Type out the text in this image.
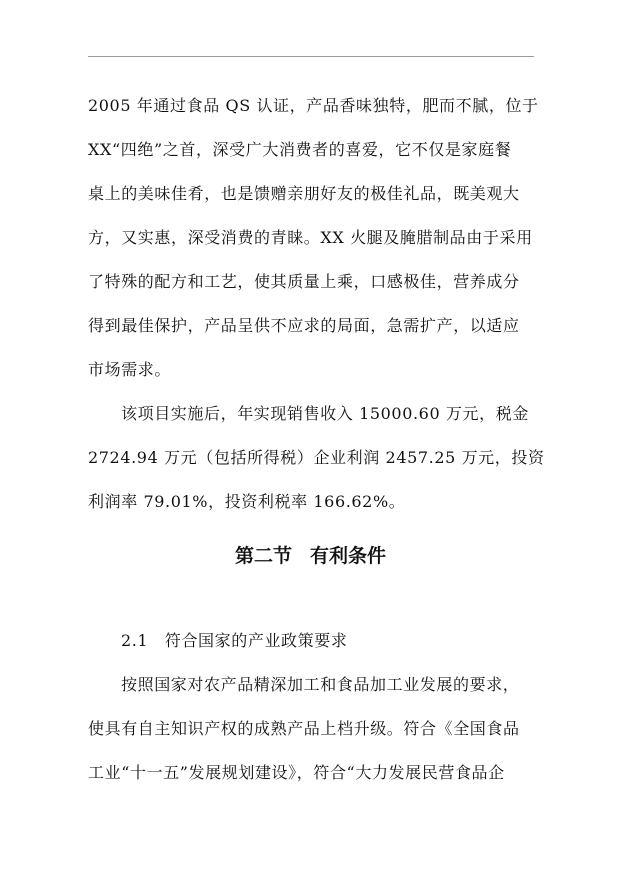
2005 年通过食品 QS 认证，产品香味独特，肥而不腻，位于
XX“四绝”之首，深受广大消费者的喜爱，它不仅是家庭餐
桌上的美味佳肴，也是馈赠亲朋好友的极佳礼品，既美观大
方，又实惠，深受消费的青睐。XX 火腿及腌腊制品由于采用
了特殊的配方和工艺，使其质量上乘，口感极佳，营养成分
得到最佳保护，产品呈供不应求的局面，急需扩产，以适应
市场需求。
该项目实施后，年实现销售收入 15000.60 万元，税金
2724.94 万元（包括所得税）企业利润 2457.25 万元，投资
利润率 79.01%，投资利税率 166.62%。
第二节 有利条件
2.1　符合国家的产业政策要求
按照国家对农产品精深加工和食品加工业发展的要求，
使具有自主知识产权的成熟产品上档升级。符合《全国食品
工业“十一五”发展规划建设》，符合“大力发展民营食品企
